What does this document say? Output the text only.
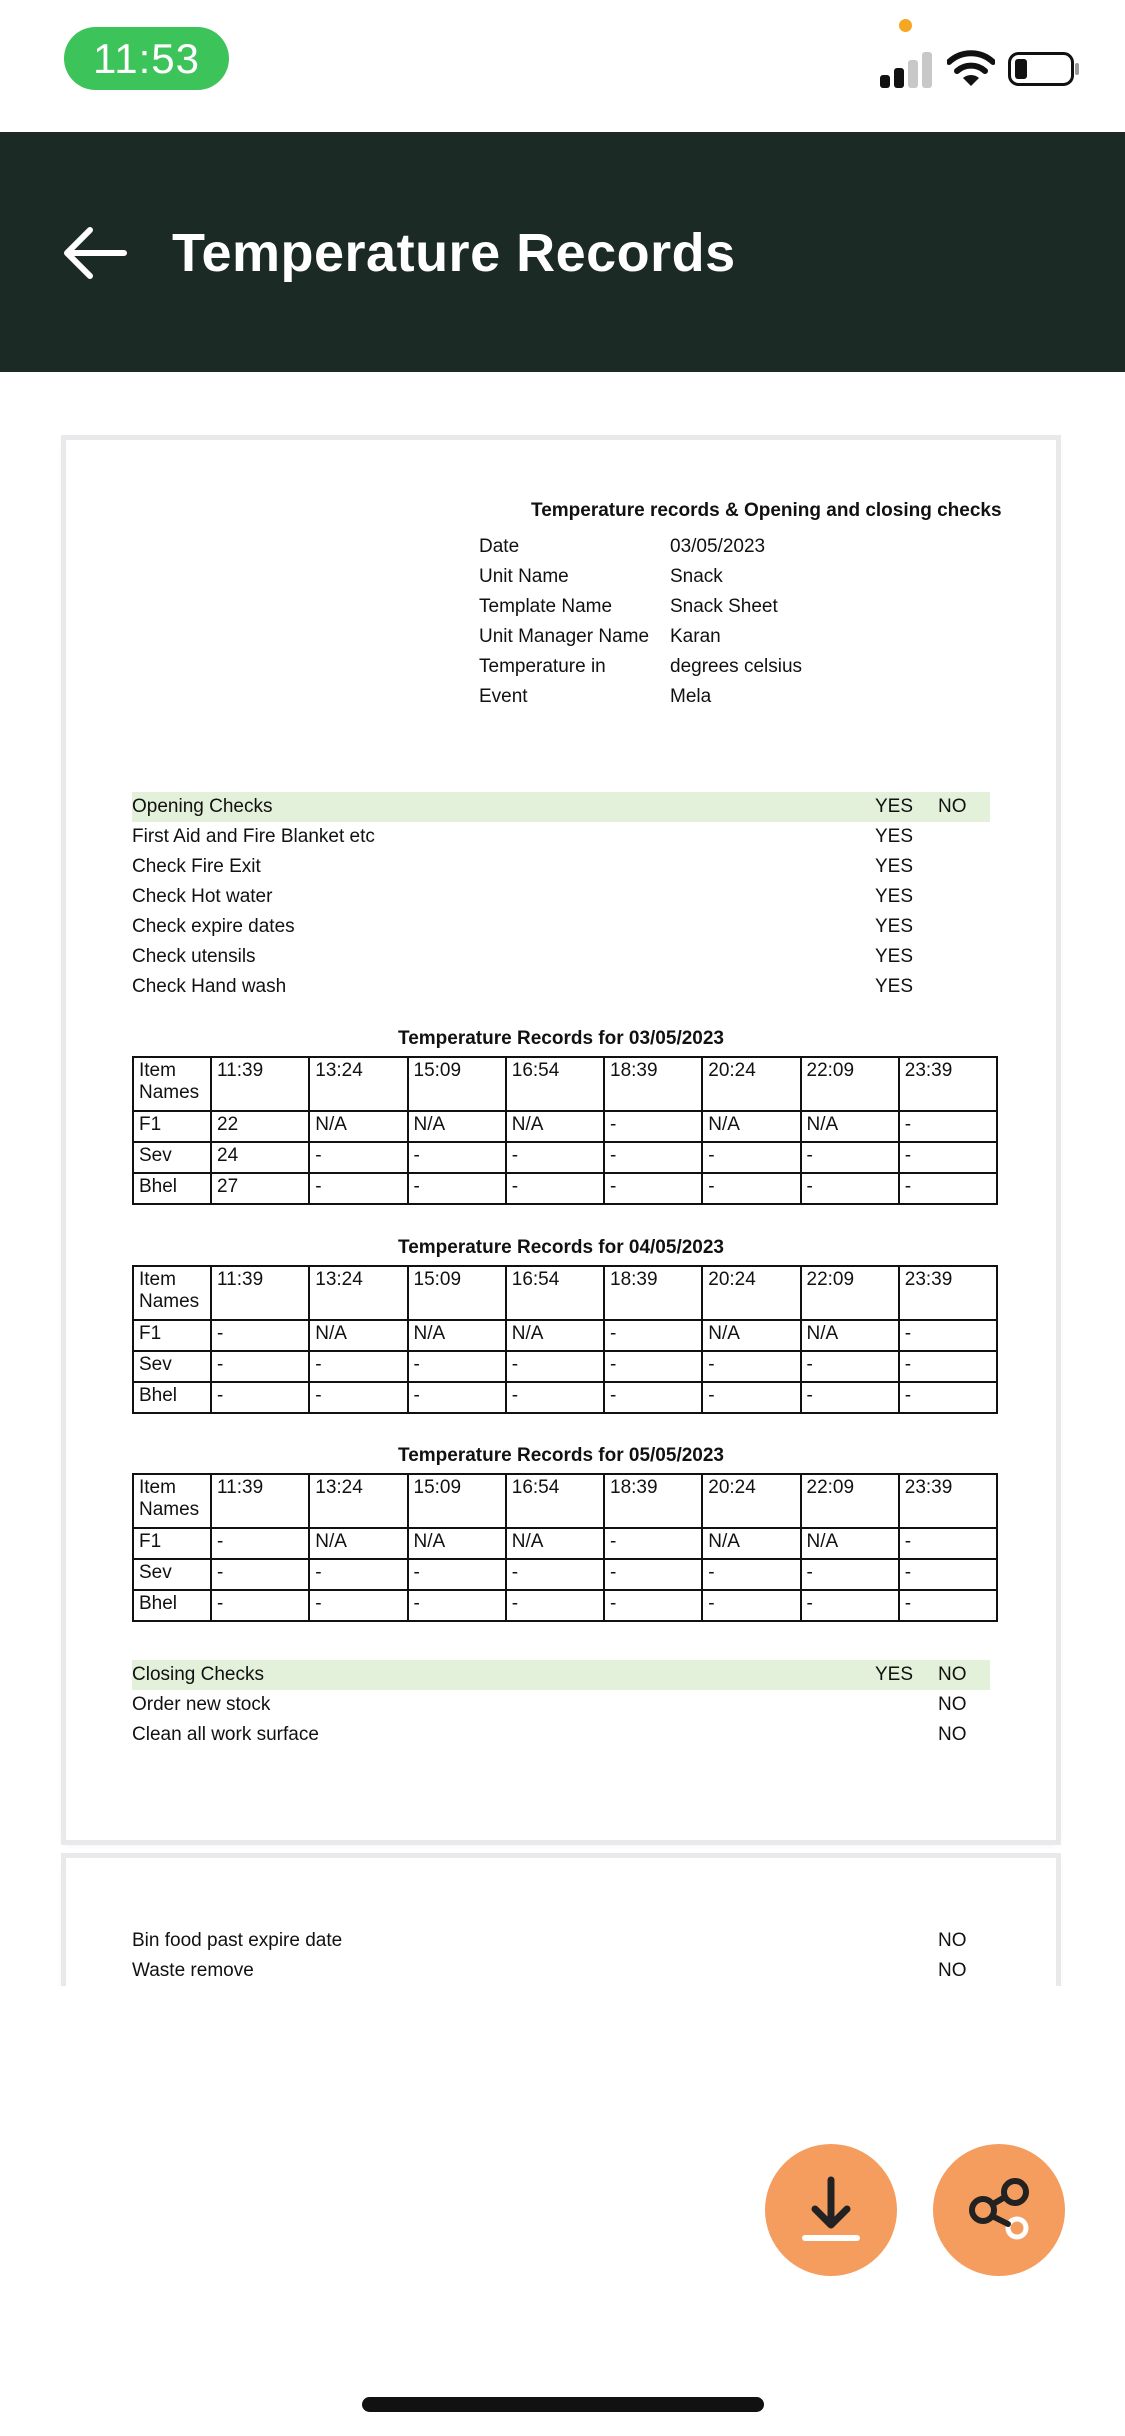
11:53
Temperature Records
Temperature records & Opening and closing checks
Date	03/05/2023
Unit Name	Snack
Template Name	Snack Sheet
Unit Manager Name	Karan
Temperature in	degrees celsius
Event	Mela
Opening Checks	YES NO
First Aid and Fire Blanket etc	YES
Check Fire Exit	YES
Check Hot water	YES
Check expire dates	YES
Check utensils	YES
Check Hand wash	YES
Temperature Records for 03/05/2023
Item Names	11:39	13:24	15:09	16:54	18:39	20:24	22:09	23:39
F1	22	N/A	N/A	N/A	-	N/A	N/A	-
Sev	24	-	-	-	-	-	-	-
Bhel	27	-	-	-	-	-	-	-
Temperature Records for 04/05/2023
Item Names	11:39	13:24	15:09	16:54	18:39	20:24	22:09	23:39
F1	-	N/A	N/A	N/A	-	N/A	N/A	-
Sev	-	-	-	-	-	-	-	-
Bhel	-	-	-	-	-	-	-	-
Temperature Records for 05/05/2023
Item Names	11:39	13:24	15:09	16:54	18:39	20:24	22:09	23:39
F1	-	N/A	N/A	N/A	-	N/A	N/A	-
Sev	-	-	-	-	-	-	-	-
Bhel	-	-	-	-	-	-	-	-
Closing Checks	YES NO
Order new stock	NO
Clean all work surface	NO
Bin food past expire date	NO
Waste remove	NO
